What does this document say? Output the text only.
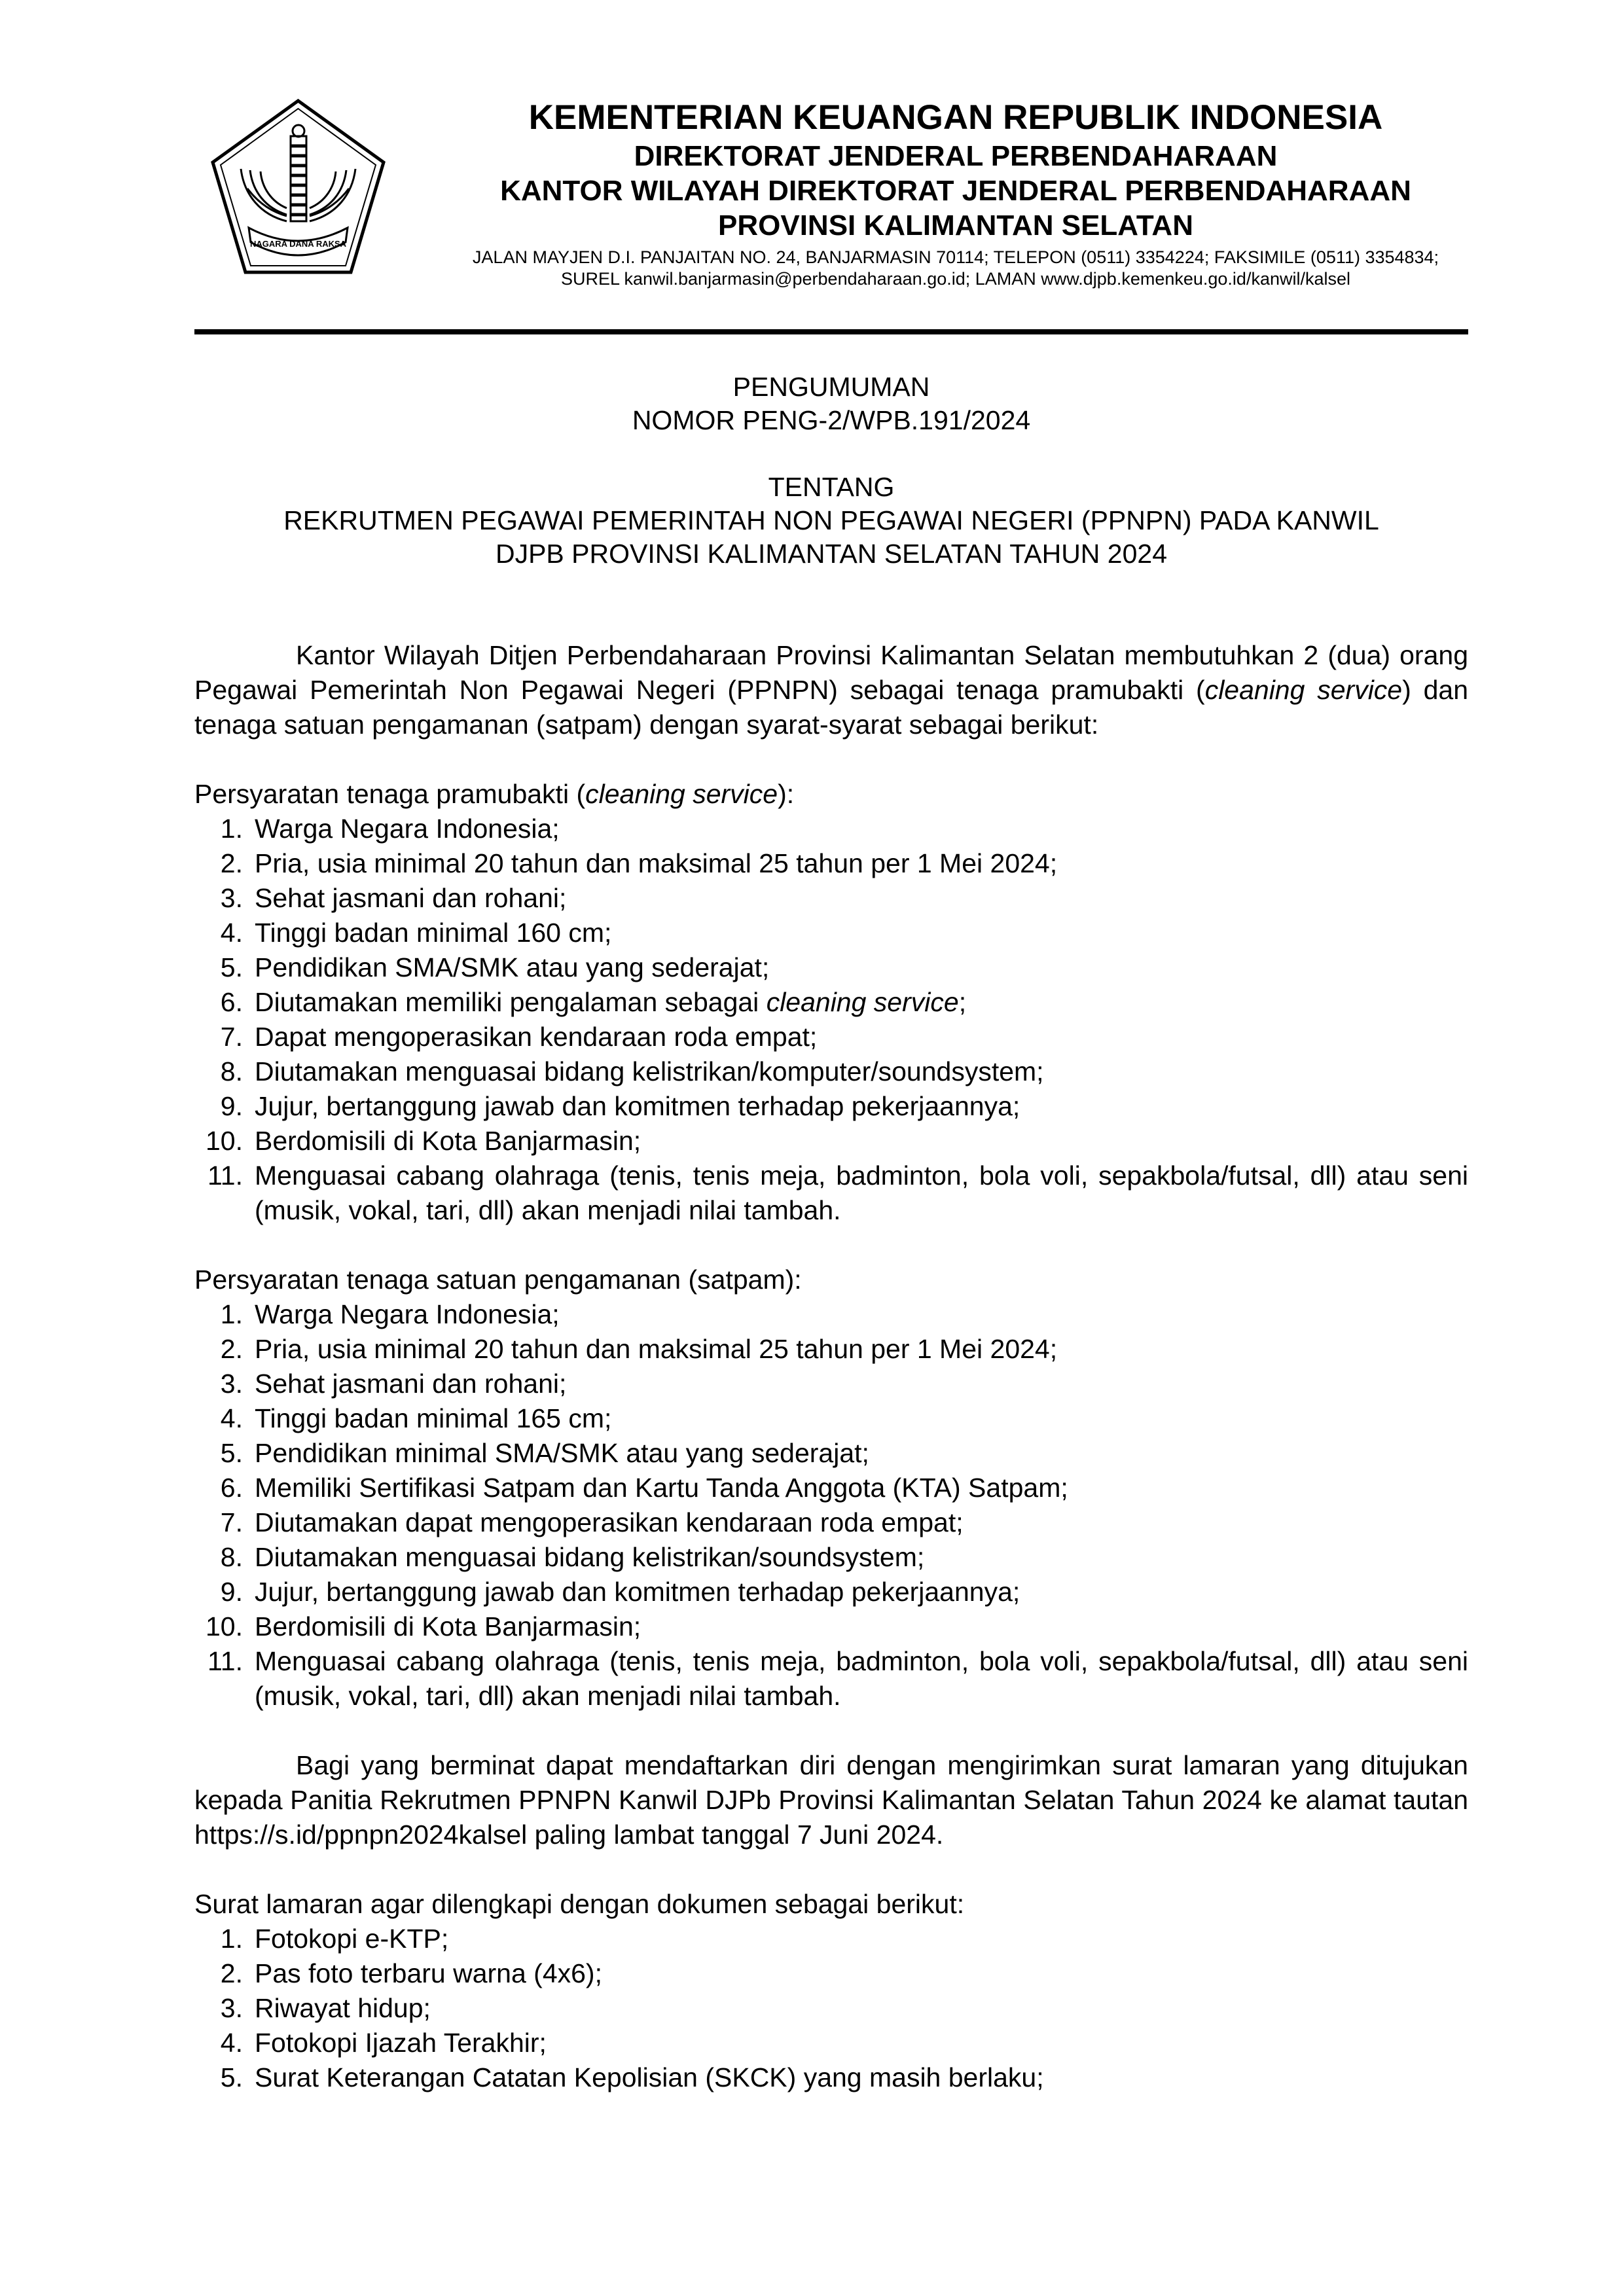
NAGARA DANA RAKSA
KEMENTERIAN KEUANGAN REPUBLIK INDONESIA
DIREKTORAT JENDERAL PERBENDAHARAAN
KANTOR WILAYAH DIREKTORAT JENDERAL PERBENDAHARAAN
PROVINSI KALIMANTAN SELATAN
JALAN MAYJEN D.I. PANJAITAN NO. 24, BANJARMASIN 70114; TELEPON (0511) 3354224; FAKSIMILE (0511) 3354834;
SUREL kanwil.banjarmasin@perbendaharaan.go.id; LAMAN www.djpb.kemenkeu.go.id/kanwil/kalsel
PENGUMUMAN
NOMOR PENG-2/WPB.191/2024
TENTANG
REKRUTMEN PEGAWAI PEMERINTAH NON PEGAWAI NEGERI (PPNPN) PADA KANWIL
DJPB PROVINSI KALIMANTAN SELATAN TAHUN 2024

Kantor Wilayah Ditjen Perbendaharaan Provinsi Kalimantan Selatan membutuhkan 2 (dua) orang Pegawai Pemerintah Non Pegawai Negeri (PPNPN) sebagai tenaga pramubakti (cleaning service) dan tenaga satuan pengamanan (satpam) dengan syarat-syarat sebagai berikut:

Persyaratan tenaga pramubakti (cleaning service):

1. Warga Negara Indonesia;
2. Pria, usia minimal 20 tahun dan maksimal 25 tahun per 1 Mei 2024;
3. Sehat jasmani dan rohani;
4. Tinggi badan minimal 160 cm;
5. Pendidikan SMA/SMK atau yang sederajat;
6. Diutamakan memiliki pengalaman sebagai cleaning service;
7. Dapat mengoperasikan kendaraan roda empat;
8. Diutamakan menguasai bidang kelistrikan/komputer/soundsystem;
9. Jujur, bertanggung jawab dan komitmen terhadap pekerjaannya;
10. Berdomisili di Kota Banjarmasin;
11. Menguasai cabang olahraga (tenis, tenis meja, badminton, bola voli, sepakbola/futsal, dll) atau seni (musik, vokal, tari, dll) akan menjadi nilai tambah.

Persyaratan tenaga satuan pengamanan (satpam):

1. Warga Negara Indonesia;
2. Pria, usia minimal 20 tahun dan maksimal 25 tahun per 1 Mei 2024;
3. Sehat jasmani dan rohani;
4. Tinggi badan minimal 165 cm;
5. Pendidikan minimal SMA/SMK atau yang sederajat;
6. Memiliki Sertifikasi Satpam dan Kartu Tanda Anggota (KTA) Satpam;
7. Diutamakan dapat mengoperasikan kendaraan roda empat;
8. Diutamakan menguasai bidang kelistrikan/soundsystem;
9. Jujur, bertanggung jawab dan komitmen terhadap pekerjaannya;
10. Berdomisili di Kota Banjarmasin;
11. Menguasai cabang olahraga (tenis, tenis meja, badminton, bola voli, sepakbola/futsal, dll) atau seni (musik, vokal, tari, dll) akan menjadi nilai tambah.

Bagi yang berminat dapat mendaftarkan diri dengan mengirimkan surat lamaran yang ditujukan kepada Panitia Rekrutmen PPNPN Kanwil DJPb Provinsi Kalimantan Selatan Tahun 2024 ke alamat tautan https://s.id/ppnpn2024kalsel paling lambat tanggal 7 Juni 2024.

Surat lamaran agar dilengkapi dengan dokumen sebagai berikut:

1. Fotokopi e-KTP;
2. Pas foto terbaru warna (4x6);
3. Riwayat hidup;
4. Fotokopi Ijazah Terakhir;
5. Surat Keterangan Catatan Kepolisian (SKCK) yang masih berlaku;
